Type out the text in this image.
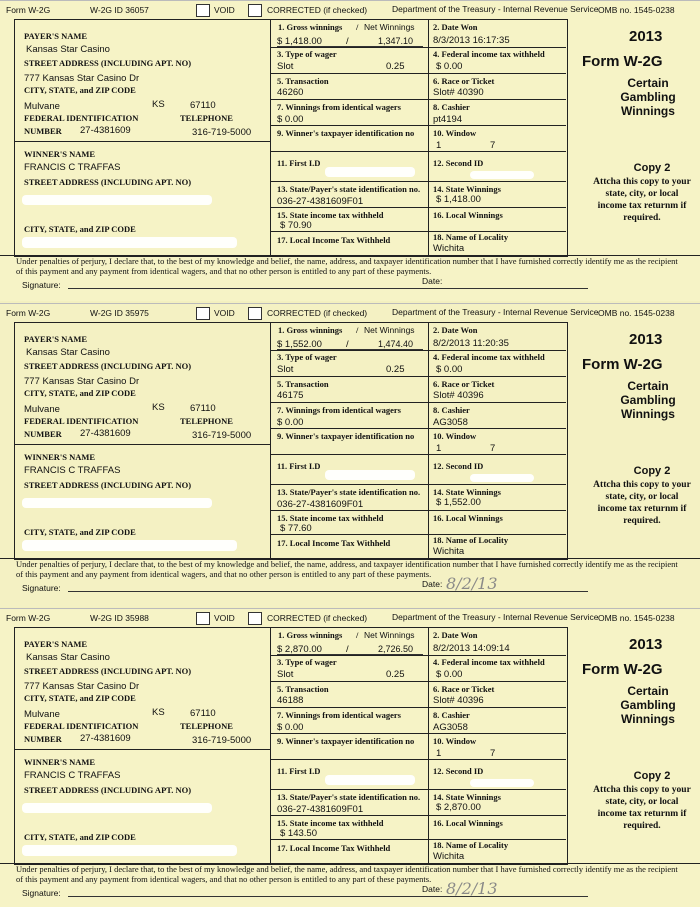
Form W-2G	W-2G ID 36057	VOID	CORRECTED (if checked)	Department of the Treasury - Internal Revenue Service OMB no. 1545-0238
PAYER'S NAME
Kansas Star Casino
STREET ADDRESS (INCLUDING APT. NO)
777 Kansas Star Casino Dr
CITY, STATE, and ZIP CODE
Mulvane	KS	67110
FEDERAL IDENTIFICATION	TELEPHONE
NUMBER 27-4381609	316-719-5000
WINNER'S NAME
FRANCIS C TRAFFAS
STREET ADDRESS (INCLUDING APT. NO)
CITY, STATE, and ZIP CODE
1. Gross winnings / Net Winnings
$ 1,418.00	/	1,347.10
2. Date Won
8/3/2013 16:17:35
3. Type of wager
Slot	0.25
4. Federal income tax withheld
$ 0.00
5. Transaction
46260
6. Race or Ticket
Slot# 40390
7. Winnings from identical wagers
$ 0.00
8. Cashier
pt4194
9. Winner's taxpayer identification no 10. Window
1	7
11. First I.D	12. Second ID
13. State/Payer's state identification no.
036-27-4381609F01
14. State Winnings
$ 1,418.00
15. State income tax withheld
$ 70.90
16. Local Winnings
17. Local Income Tax Withheld	18. Name of Locality
Wichita
2013
Form W-2G
Certain
Gambling
Winnings
Copy 2
Attcha this copy to your state, city, or local income tax returnm if required.
Under penalties of perjury, I declare that, to the best of my knowledge and belief, the name, address, and taxpayer identification number that I have furnished correctly identify me as the recipient of this payment and any payment from identical wagers, and that no other person is entitled to any part of these payments.
Signature:	Date:
Form W-2G	W-2G ID 35975	VOID	CORRECTED (if checked)	Department of the Treasury - Internal Revenue Service OMB no. 1545-0238
PAYER'S NAME
Kansas Star Casino
STREET ADDRESS (INCLUDING APT. NO)
777 Kansas Star Casino Dr
CITY, STATE, and ZIP CODE
Mulvane	KS	67110
FEDERAL IDENTIFICATION	TELEPHONE
NUMBER 27-4381609	316-719-5000
WINNER'S NAME
FRANCIS C TRAFFAS
STREET ADDRESS (INCLUDING APT. NO)
CITY, STATE, and ZIP CODE
1. Gross winnings / Net Winnings
$ 1,552.00	/	1,474.40
2. Date Won
8/2/2013 11:20:35
3. Type of wager
Slot	0.25
4. Federal income tax withheld
$ 0.00
5. Transaction
46175
6. Race or Ticket
Slot# 40396
7. Winnings from identical wagers
$ 0.00
8. Cashier
AG3058
9. Winner's taxpayer identification no 10. Window
1	7
11. First I.D	12. Second ID
13. State/Payer's state identification no.
036-27-4381609F01
14. State Winnings
$ 1,552.00
15. State income tax withheld
$ 77.60
16. Local Winnings
17. Local Income Tax Withheld	18. Name of Locality
Wichita
2013
Form W-2G
Certain
Gambling
Winnings
Copy 2
Attcha this copy to your state, city, or local income tax returnm if required.
Under penalties of perjury, I declare that, to the best of my knowledge and belief, the name, address, and taxpayer identification number that I have furnished correctly identify me as the recipient of this payment and any payment from identical wagers, and that no other person is entitled to any part of these payments.
Signature:	Date: 8/2/13
Form W-2G	W-2G ID 35988	VOID	CORRECTED (if checked)	Department of the Treasury - Internal Revenue Service OMB no. 1545-0238
PAYER'S NAME
Kansas Star Casino
STREET ADDRESS (INCLUDING APT. NO)
777 Kansas Star Casino Dr
CITY, STATE, and ZIP CODE
Mulvane	KS	67110
FEDERAL IDENTIFICATION	TELEPHONE
NUMBER 27-4381609	316-719-5000
WINNER'S NAME
FRANCIS C TRAFFAS
STREET ADDRESS (INCLUDING APT. NO)
CITY, STATE, and ZIP CODE
1. Gross winnings / Net Winnings
$ 2,870.00	/	2,726.50
2. Date Won
8/2/2013 14:09:14
3. Type of wager
Slot	0.25
4. Federal income tax withheld
$ 0.00
5. Transaction
46188
6. Race or Ticket
Slot# 40396
7. Winnings from identical wagers
$ 0.00
8. Cashier
AG3058
9. Winner's taxpayer identification no 10. Window
1	7
11. First I.D	12. Second ID
13. State/Payer's state identification no.
036-27-4381609F01
14. State Winnings
$ 2,870.00
15. State income tax withheld
$ 143.50
16. Local Winnings
17. Local Income Tax Withheld	18. Name of Locality
Wichita
2013
Form W-2G
Certain
Gambling
Winnings
Copy 2
Attcha this copy to your state, city, or local income tax returnm if required.
Under penalties of perjury, I declare that, to the best of my knowledge and belief, the name, address, and taxpayer identification number that I have furnished correctly identify me as the recipient of this payment and any payment from identical wagers, and that no other person is entitled to any part of these payments.
Signature:	Date: 8/2/13
